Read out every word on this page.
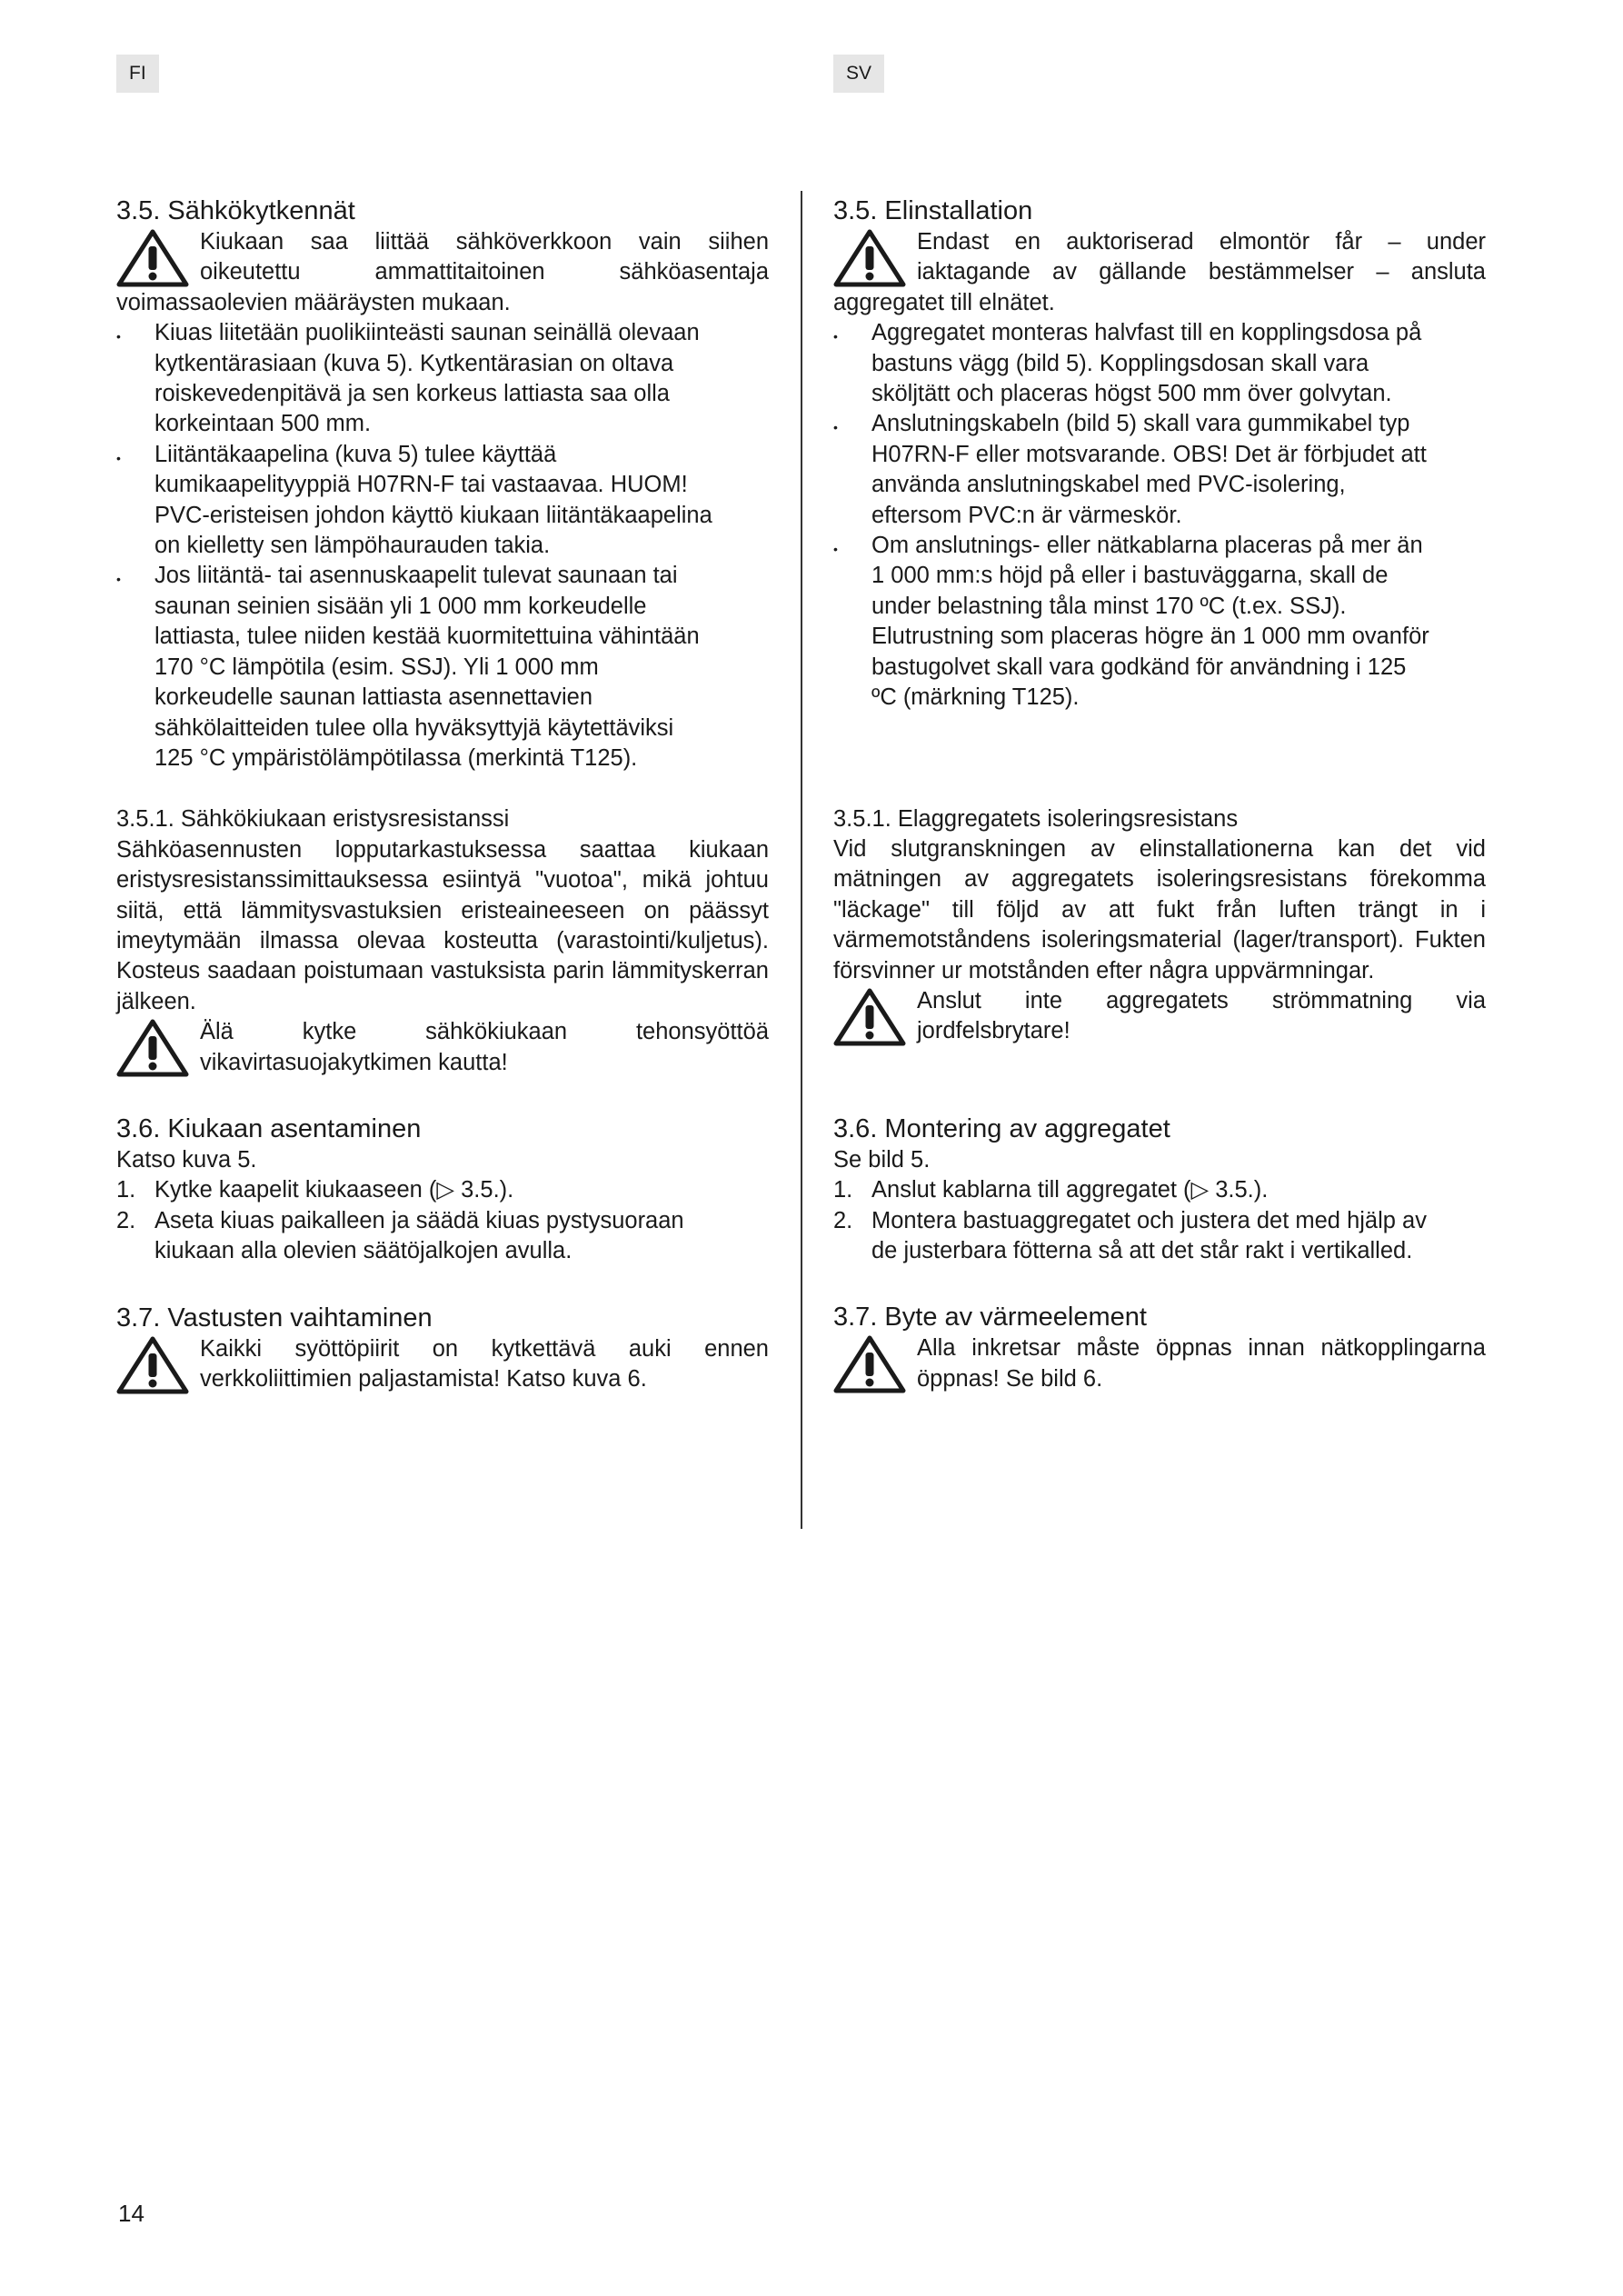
FI	SV
3.5. Sähkökytkennät

Kiukaan saa liittää sähköverkkoon vain siihen oikeutettu ammattitaitoinen sähköasentaja voimassaolevien määräysten mukaan.

• Kiuas liitetään puolikiinteästi saunan seinällä olevaan kytkentärasiaan (kuva 5). Kytkentärasian on oltava roiskevedenpitävä ja sen korkeus lattiasta saa olla korkeintaan 500 mm.
• Liitäntäkaapelina (kuva 5) tulee käyttää kumikaapelityyppiä H07RN-F tai vastaavaa. HUOM! PVC-eristeisen johdon käyttö kiukaan liitäntäkaapelina on kielletty sen lämpöhaurauden takia.
• Jos liitäntä- tai asennuskaapelit tulevat saunaan tai saunan seinien sisään yli 1 000 mm korkeudelle lattiasta, tulee niiden kestää kuormitettuina vähintään 170 °C lämpötila (esim. SSJ). Yli 1 000 mm korkeudelle saunan lattiasta asennettavien sähkölaitteiden tulee olla hyväksyttyjä käytettäviksi 125 °C ympäristölämpötilassa (merkintä T125).
3.5.1. Sähkökiukaan eristysresistanssi

Sähköasennusten lopputarkastuksessa saattaa kiukaan eristysresistanssimittauksessa esiintyä "vuotoa", mikä johtuu siitä, että lämmitysvastuksien eristeaineeseen on päässyt imeytymään ilmassa olevaa kosteutta (varastointi/kuljetus). Kosteus saadaan poistumaan vastuksista parin lämmityskerran jälkeen.

Älä kytke sähkökiukaan tehonsyöttöä vikavirtasuojakytkimen kautta!

3.6. Kiukaan asentaminen

Katso kuva 5.

1. Kytke kaapelit kiukaaseen (▷ 3.5.).
2. Aseta kiuas paikalleen ja säädä kiuas pystysuoraan kiukaan alla olevien säätöjalkojen avulla.
3.7. Vastusten vaihtaminen

Kaikki syöttöpiirit on kytkettävä auki ennen verkkoliittimien paljastamista! Katso kuva 6.

3.5. Elinstallation

Endast en auktoriserad elmontör får – under iaktagande av gällande bestämmelser – ansluta aggregatet till elnätet.

• Aggregatet monteras halvfast till en kopplingsdosa på bastuns vägg (bild 5). Kopplingsdosan skall vara sköljtätt och placeras högst 500 mm över golvytan.
• Anslutningskabeln (bild 5) skall vara gummikabel typ H07RN-F eller motsvarande. OBS! Det är förbjudet att använda anslutningskabel med PVC-isolering, eftersom PVC:n är värmeskör.
• Om anslutnings- eller nätkablarna placeras på mer än 1 000 mm:s höjd på eller i bastuväggarna, skall de under belastning tåla minst 170 ºC (t.ex. SSJ). Elutrustning som placeras högre än 1 000 mm ovanför bastugolvet skall vara godkänd för användning i 125 ºC (märkning T125).
3.5.1. Elaggregatets isoleringsresistans

Vid slutgranskningen av elinstallationerna kan det vid mätningen av aggregatets isoleringsresistans förekomma "läckage" till följd av att fukt från luften trängt in i värmemotståndens isoleringsmaterial (lager/transport). Fukten försvinner ur motstånden efter några uppvärmningar.

Anslut inte aggregatets strömmatning via jordfelsbrytare!

3.6. Montering av aggregatet

Se bild 5.

1. Anslut kablarna till aggregatet (▷ 3.5.).
2. Montera bastuaggregatet och justera det med hjälp av de justerbara fötterna så att det står rakt i vertikalled.
3.7. Byte av värmeelement

Alla inkretsar måste öppnas innan nätkopplingarna öppnas! Se bild 6.

14
